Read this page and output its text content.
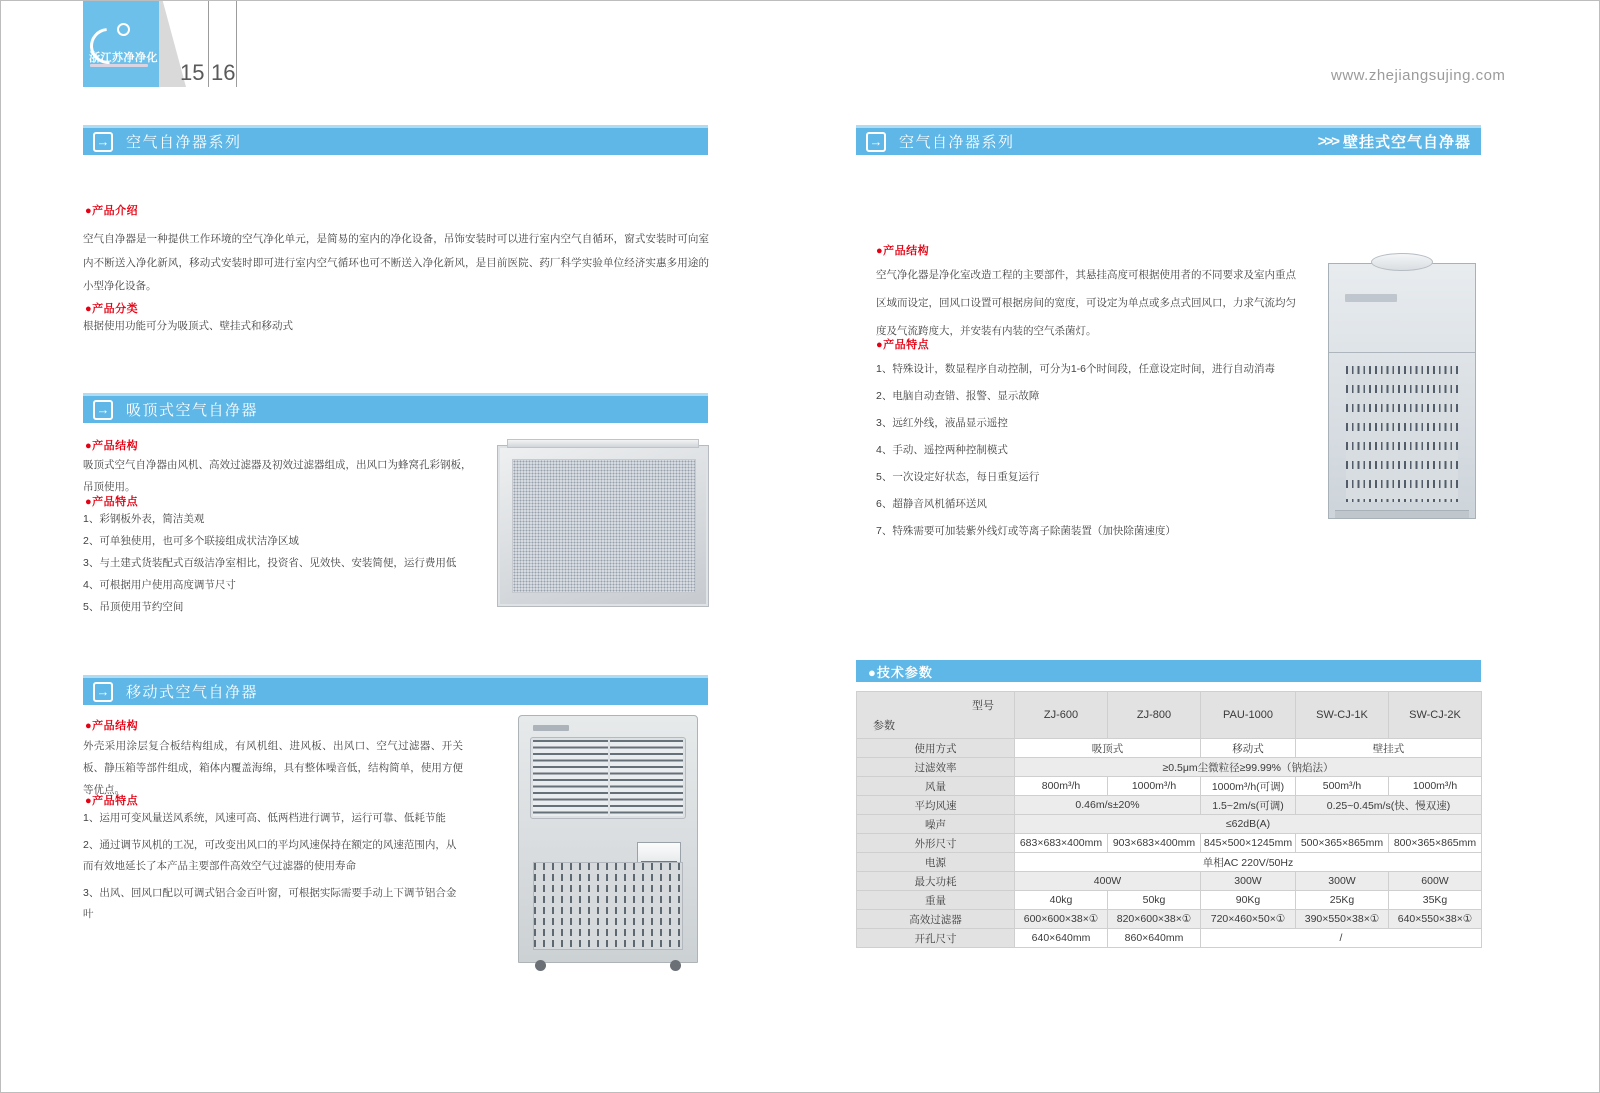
浙江苏净净化
15 16	www.zhejiangsujing.com
→ 空气自净器系列
●产品介绍
空气自净器是一种提供工作环境的空气净化单元，是简易的室内的净化设备，吊饰安装时可以进行室内空气自循环，窗式安装时可向室内不断送入净化新风，移动式安装时即可进行室内空气循环也可不断送入净化新风，是目前医院、药厂科学实验单位经济实惠多用途的小型净化设备。
●产品分类
根据使用功能可分为吸顶式、壁挂式和移动式
→ 吸顶式空气自净器
●产品结构
吸顶式空气自净器由风机、高效过滤器及初效过滤器组成，出风口为蜂窝孔彩钢板，吊顶使用。
●产品特点
1、彩钢板外表，简洁美观
2、可单独使用，也可多个联接组成状洁净区域
3、与土建式货装配式百级洁净室相比，投资省、见效快、安装简便，运行费用低
4、可根据用户使用高度调节尺寸
5、吊顶使用节约空间
→ 移动式空气自净器
●产品结构
外壳采用涂层复合板结构组成，有风机组、进风板、出风口、空气过滤器、开关板、静压箱等部件组成，箱体内覆盖海绵，具有整体噪音低，结构简单，使用方便等优点。
●产品特点
1、运用可变风量送风系统，风速可高、低两档进行调节，运行可靠、低耗节能
2、通过调节风机的工况，可改变出风口的平均风速保持在额定的风速范围内，从而有效地延长了本产品主要部件高效空气过滤器的使用寿命
3、出风、回风口配以可调式铝合金百叶窗，可根据实际需要手动上下调节铝合金叶
→ 空气自净器系列	>>> 壁挂式空气自净器
●产品结构
空气净化器是净化室改造工程的主要部件，其悬挂高度可根据使用者的不同要求及室内重点区域而设定，回风口设置可根据房间的宽度，可设定为单点或多点式回风口，力求气流均匀度及气流跨度大，并安装有内装的空气杀菌灯。
●产品特点
1、特殊设计，数显程序自动控制，可分为1-6个时间段，任意设定时间，进行自动消毒
2、电脑自动查错、报警、显示故障
3、远红外线，液晶显示遥控
4、手动、遥控两种控制模式
5、一次设定好状态，每日重复运行
6、超静音风机循环送风
7、特殊需要可加装紫外线灯或等离子除菌装置（加快除菌速度）
●技术参数
型号
参数	ZJ-600	ZJ-800	PAU-1000	SW-CJ-1K	SW-CJ-2K
使用方式	吸顶式		移动式	壁挂式	
过滤效率	≥0.5μm尘微粒径≥99.99%（钠焰法）				
风量	800m³/h	1000m³/h	1000m³/h(可调)	500m³/h	1000m³/h
平均风速	0.46m/s±20%		1.5~2m/s(可调)	0.25~0.45m/s(快、慢双速)	
噪声	≤62dB(A)				
外形尺寸	683×683×400mm	903×683×400mm	845×500×1245mm	500×365×865mm	800×365×865mm
电源	单相AC 220V/50Hz				
最大功耗	400W		300W	300W	600W
重量	40kg	50kg	90Kg	25Kg	35Kg
高效过滤器	600×600×38×①	820×600×38×①	720×460×50×①	390×550×38×①	640×550×38×①
开孔尺寸	640×640mm	860×640mm	/		
